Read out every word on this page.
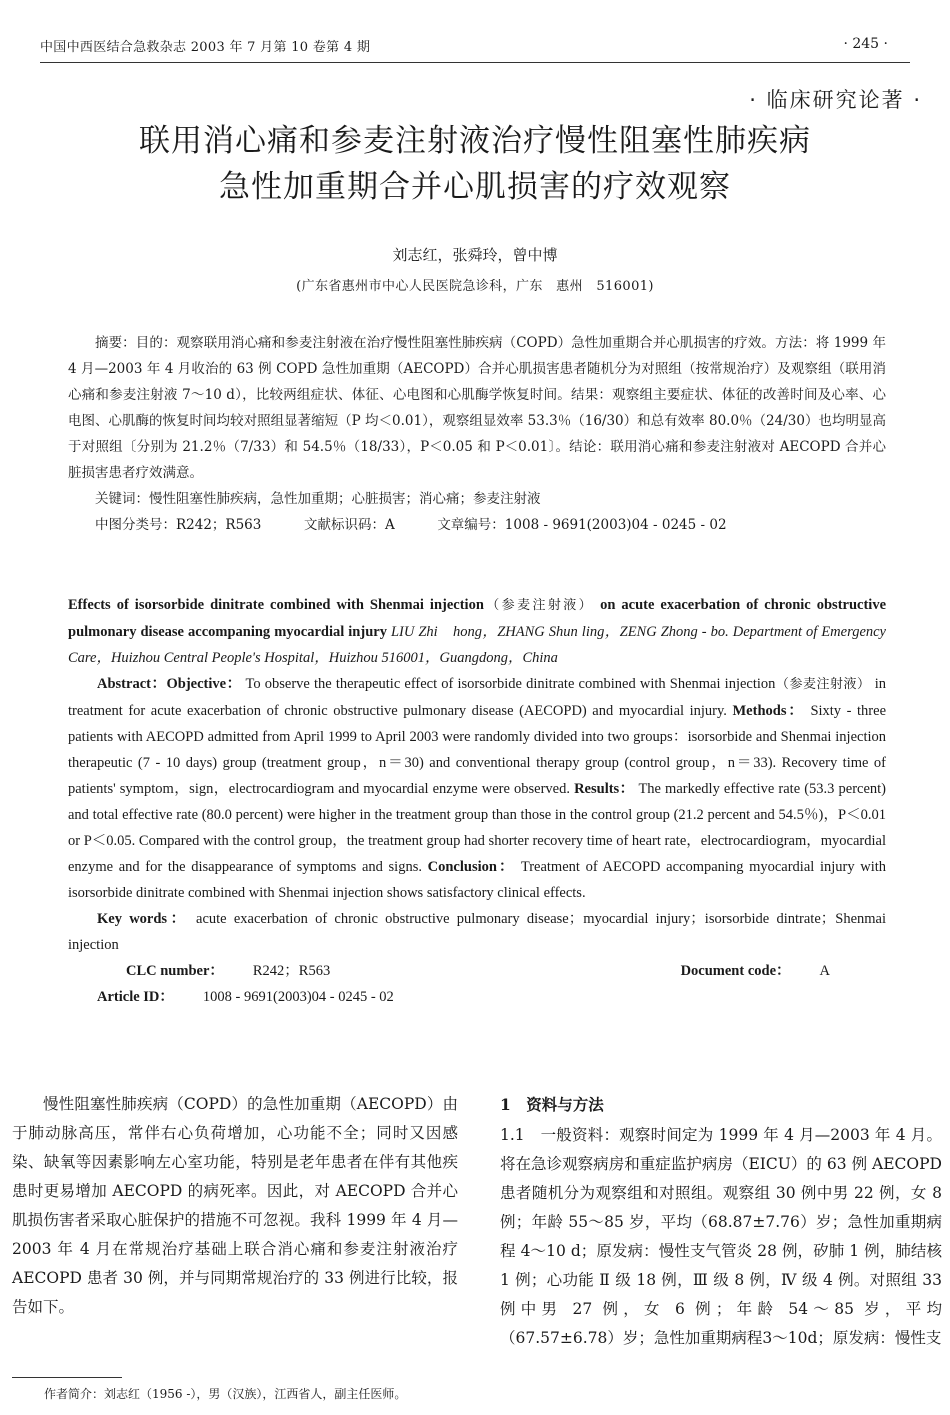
中国中西医结合急救杂志 2003 年 7 月第 10 卷第 4 期	· 245 ·
· 临床研究论著 ·
联用消心痛和参麦注射液治疗慢性阻塞性肺疾病
急性加重期合并心肌损害的疗效观察
刘志红，张舜玲，曾中博
(广东省惠州市中心人民医院急诊科，广东　惠州　516001)

摘要：目的：观察联用消心痛和参麦注射液在治疗慢性阻塞性肺疾病（COPD）急性加重期合并心肌损害的疗效。方法：将 1999 年 4 月—2003 年 4 月收治的 63 例 COPD 急性加重期（AECOPD）合并心肌损害患者随机分为对照组（按常规治疗）及观察组（联用消心痛和参麦注射液 7～10 d），比较两组症状、体征、心电图和心肌酶学恢复时间。结果：观察组主要症状、体征的改善时间及心率、心电图、心肌酶的恢复时间均较对照组显著缩短（P 均＜0.01），观察组显效率 53.3％（16/30）和总有效率 80.0％（24/30）也均明显高于对照组〔分别为 21.2％（7/33）和 54.5％（18/33），P＜0.05 和 P＜0.01〕。结论：联用消心痛和参麦注射液对 AECOPD 合并心脏损害患者疗效满意。

关键词：慢性阻塞性肺疾病，急性加重期；心脏损害；消心痛；参麦注射液

中图分类号：R242；R563	文献标识码：A	文章编号：1008 - 9691(2003)04 - 0245 - 02

Effects of isorsorbide dinitrate combined with Shenmai injection（参麦注射液） on acute exacerbation of chronic obstructive pulmonary disease accompaning myocardial injury LIU Zhi　hong，ZHANG Shun ling，ZENG Zhong - bo. Department of Emergency Care，Huizhou Central People's Hospital，Huizhou 516001，Guangdong，China

Abstract：Objective： To observe the therapeutic effect of isorsorbide dinitrate combined with Shenmai injection（参麦注射液） in treatment for acute exacerbation of chronic obstructive pulmonary disease (AECOPD) and myocardial injury. Methods： Sixty - three patients with AECOPD admitted from April 1999 to April 2003 were randomly divided into two groups：isorsorbide and Shenmai injection therapeutic (7 - 10 days) group (treatment group，n＝30) and conventional therapy group (control group，n＝33). Recovery time of patients' symptom，sign，electrocardiogram and myocardial enzyme were observed. Results： The markedly effective rate (53.3 percent) and total effective rate (80.0 percent) were higher in the treatment group than those in the control group (21.2 percent and 54.5％)，P＜0.01 or P＜0.05. Compared with the control group，the treatment group had shorter recovery time of heart rate，electrocardiogram，myocardial enzyme and for the disappearance of symptoms and signs. Conclusion： Treatment of AECOPD accompaning myocardial injury with isorsorbide dinitrate combined with Shenmai injection shows satisfactory clinical effects.

Key words： acute exacerbation of chronic obstructive pulmonary disease；myocardial injury；isorsorbide dintrate；Shenmai injection

CLC number： R242；R563	Document code： A Article ID： 1008 - 9691(2003)04 - 0245 - 02

慢性阻塞性肺疾病（COPD）的急性加重期（AECOPD）由于肺动脉高压，常伴右心负荷增加，心功能不全；同时又因感染、缺氧等因素影响左心室功能，特别是老年患者在伴有其他疾患时更易增加 AECOPD 的病死率。因此，对 AECOPD 合并心肌损伤害者采取心脏保护的措施不可忽视。我科 1999 年 4 月—2003 年 4 月在常规治疗基础上联合消心痛和参麦注射液治疗 AECOPD 患者 30 例，并与同期常规治疗的 33 例进行比较，报告如下。

1　资料与方法

1.1　一般资料：观察时间定为 1999 年 4 月—2003 年 4 月。将在急诊观察病房和重症监护病房（EICU）的 63 例 AECOPD 患者随机分为观察组和对照组。观察组 30 例中男 22 例，女 8 例；年龄 55～85 岁，平均（68.87±7.76）岁；急性加重期病程 4～10 d；原发病：慢性支气管炎 28 例，矽肺 1 例，肺结核 1 例；心功能 Ⅱ 级 18 例，Ⅲ 级 8 例，Ⅳ 级 4 例。对照组 33 例中男 27 例，女 6 例；年龄 54～85 岁，平均（67.57±6.78）岁；急性加重期病程3～10d；原发病：慢性支

作者简介：刘志红（1956 -），男（汉族），江西省人，副主任医师。
